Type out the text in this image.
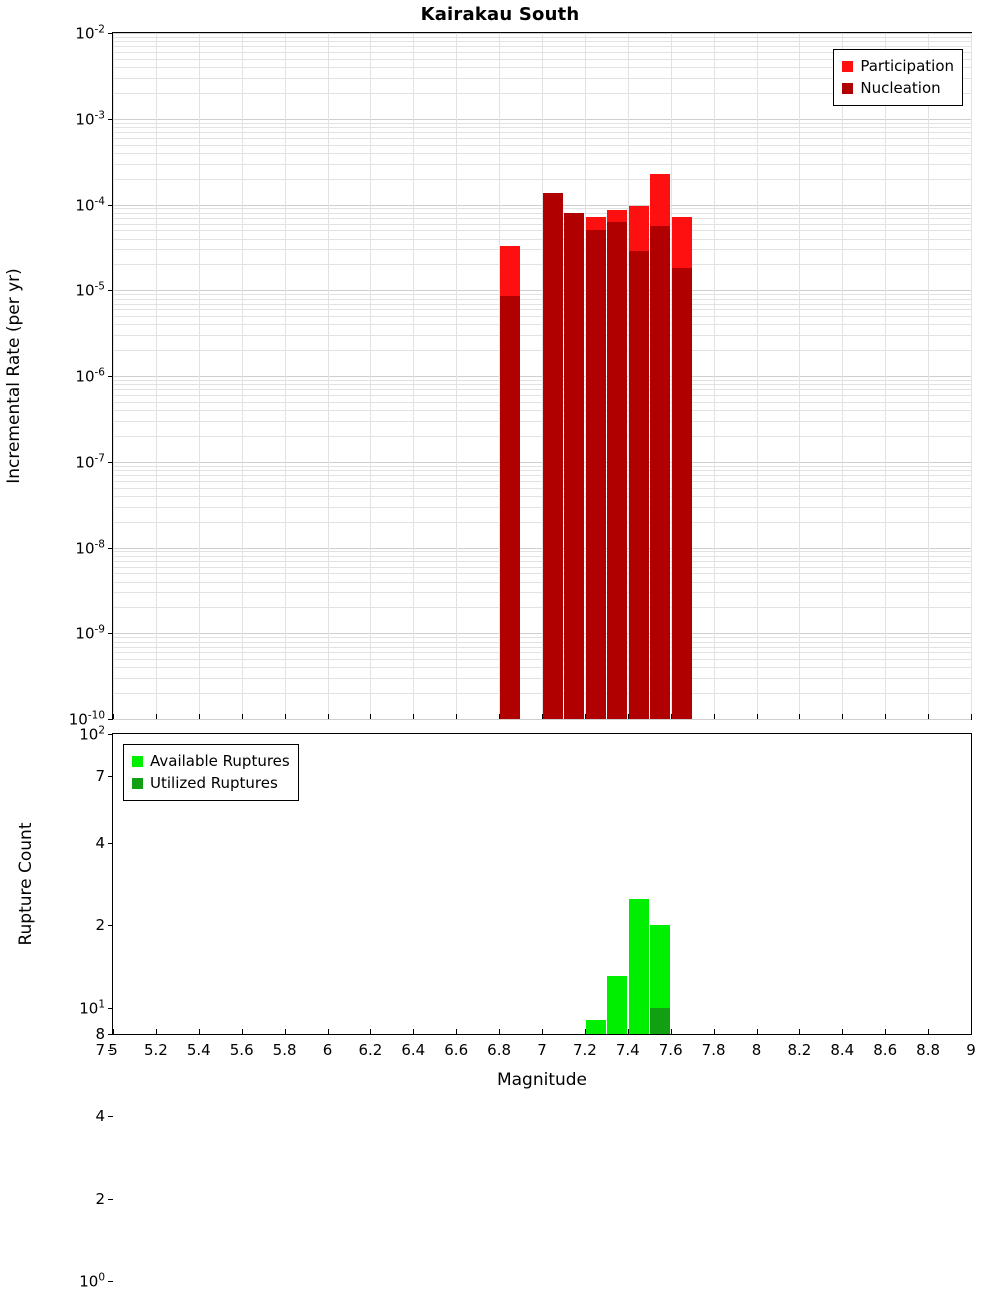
Kairakau South
$10^{-2}$
$10^{-3}$
$10^{-4}$
$10^{-5}$
$10^{-6}$
$10^{-7}$
$10^{-8}$
$10^{-9}$
$10^{-10}$
Participation
Nucleation
Incremental Rate (per yr)
$10^2$
7
4
2
$10^1$
7
4
2
$10^0$
8
5 5.2 5.4 5.6 5.8 6 6.2 6.4 6.6 6.8 7 7.2 7.4 7.6 7.8 8 8.2 8.4 8.6 8.8 9
Available Ruptures
Utilized Ruptures
Rupture Count
Magnitude
